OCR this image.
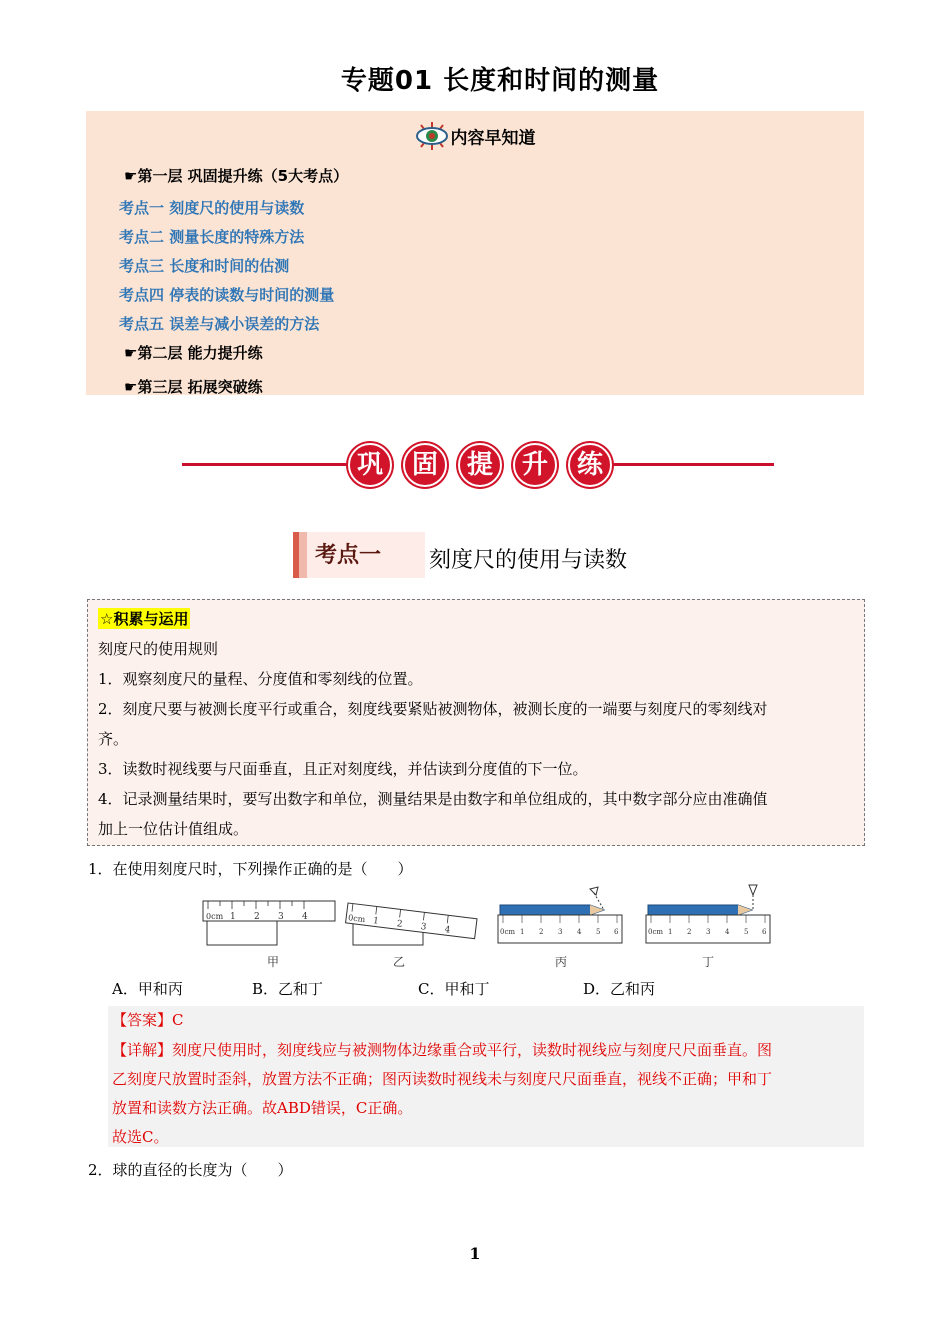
专题01 长度和时间的测量
内容早知道
☛第一层 巩固提升练（5大考点）
考点一 刻度尺的使用与读数
考点二 测量长度的特殊方法
考点三 长度和时间的估测
考点四 停表的读数与时间的测量
考点五 误差与减小误差的方法
☛第二层 能力提升练
☛第三层 拓展突破练
巩	固	提	升	练
考点一 刻度尺的使用与读数
☆积累与运用
刻度尺的使用规则
1．观察刻度尺的量程、分度值和零刻线的位置。
2．刻度尺要与被测长度平行或重合，刻度线要紧贴被测物体，被测长度的一端要与刻度尺的零刻线对
齐。
3．读数时视线要与尺面垂直，且正对刻度线，并估读到分度值的下一位。
4．记录测量结果时，要写出数字和单位，测量结果是由数字和单位组成的，其中数字部分应由准确值
加上一位估计值组成。
1．在使用刻度尺时，下列操作正确的是（　　）
0cm 1 2 3 4	0cm 1 2 3 4	0cm 1 2 3 4 5 6	0cm 1 2 3 4 5 6
甲	乙	丙	丁
A．甲和丙	B．乙和丁	C．甲和丁	D．乙和丙
【答案】C
【详解】刻度尺使用时，刻度线应与被测物体边缘重合或平行，读数时视线应与刻度尺尺面垂直。图
乙刻度尺放置时歪斜，放置方法不正确；图丙读数时视线未与刻度尺尺面垂直，视线不正确；甲和丁
放置和读数方法正确。故ABD错误，C正确。
故选C。
2．球的直径的长度为（　　）
1
